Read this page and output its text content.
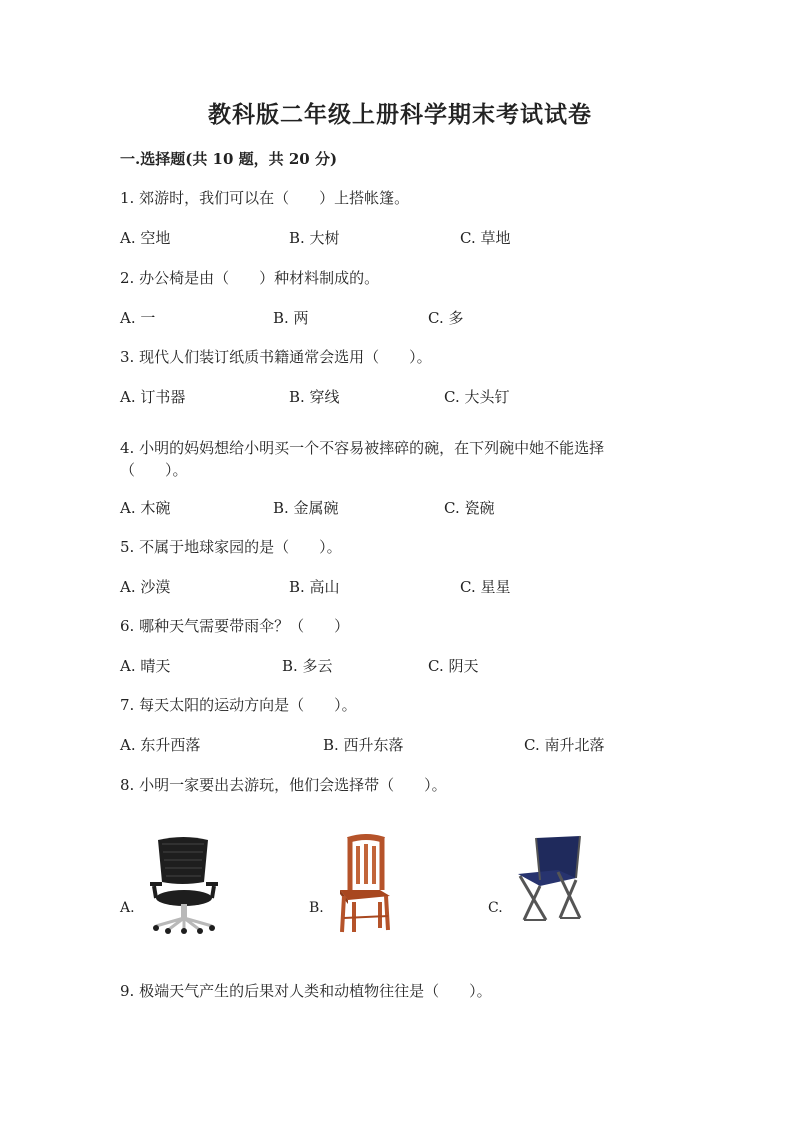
教科版二年级上册科学期末考试试卷
一.选择题(共 10 题，共 20 分)
1. 郊游时，我们可以在（　　）上搭帐篷。
A. 空地	B. 大树	C. 草地
2. 办公椅是由（　　）种材料制成的。
A. 一	B. 两	C. 多
3. 现代人们装订纸质书籍通常会选用（　　）。
A. 订书器	B. 穿线	C. 大头钉
4. 小明的妈妈想给小明买一个不容易被摔碎的碗，在下列碗中她不能选择
（　　）。
A. 木碗	B. 金属碗	C. 瓷碗
5. 不属于地球家园的是（　　）。
A. 沙漠	B. 高山	C. 星星
6. 哪种天气需要带雨伞？（　　）
A. 晴天	B. 多云	C. 阴天
7. 每天太阳的运动方向是（　　）。
A. 东升西落	B. 西升东落	C. 南升北落
8. 小明一家要出去游玩，他们会选择带（　　）。
A.	B.	C.
9. 极端天气产生的后果对人类和动植物往往是（　　）。
